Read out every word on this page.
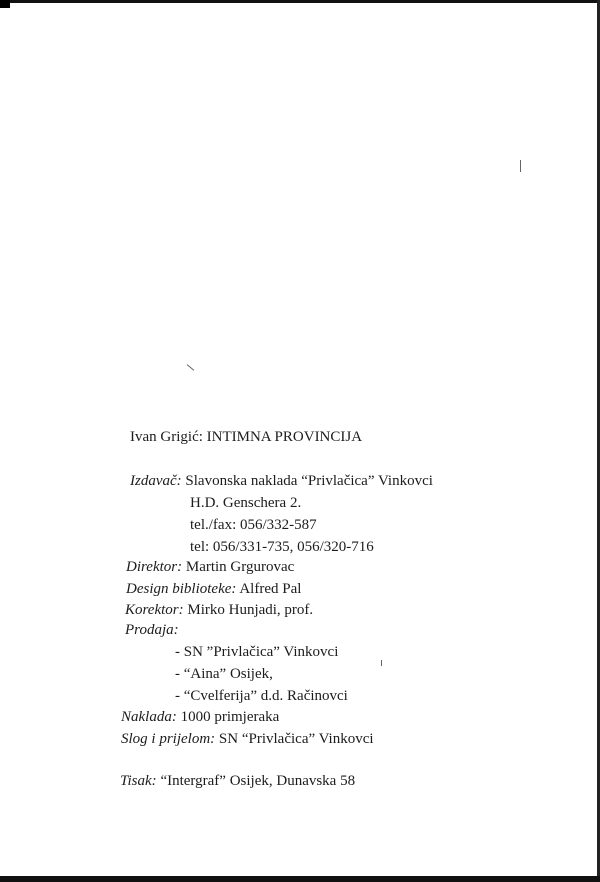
Ivan Grigić: INTIMNA PROVINCIJA
Izdavač: Slavonska naklada “Privlačica” Vinkovci
H.D. Genschera 2.
tel./fax: 056/332-587
tel: 056/331-735, 056/320-716
Direktor: Martin Grgurovac
Design biblioteke: Alfred Pal
Korektor: Mirko Hunjadi, prof.
Prodaja:
- SN ”Privlačica” Vinkovci
- “Aina” Osijek,
- “Cvelferija” d.d. Račinovci
Naklada: 1000 primjeraka
Slog i prijelom: SN “Privlačica” Vinkovci
Tisak: “Intergraf” Osijek, Dunavska 58
